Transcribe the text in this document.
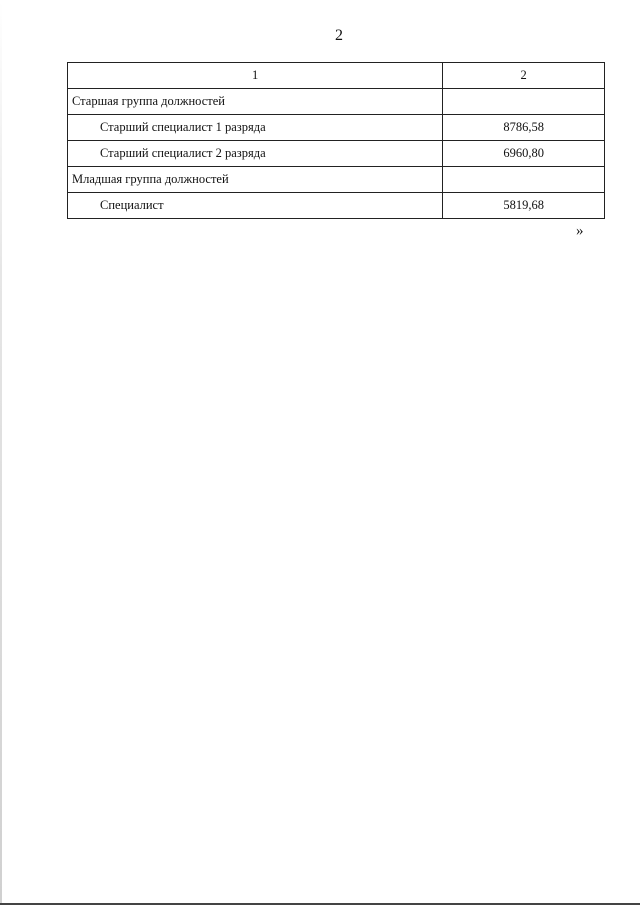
2
1	2
Старшая группа должностей	
Старший специалист 1 разряда	8786,58
Старший специалист 2 разряда	6960,80
Младшая группа должностей	
Специалист	5819,68
»
